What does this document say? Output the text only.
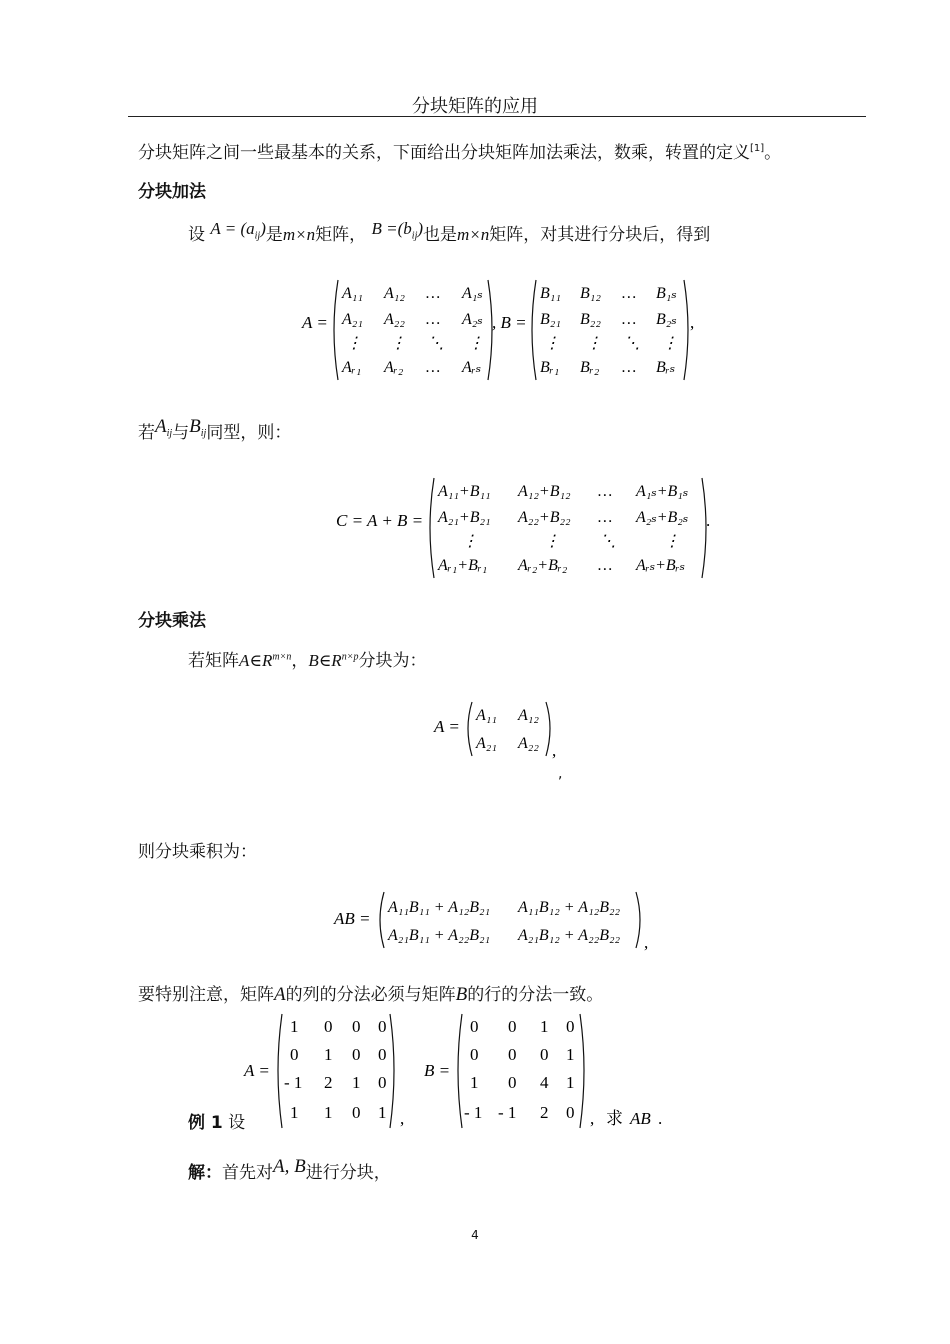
分块矩阵的应用
分块矩阵之间一些最基本的关系，下面给出分块矩阵加法乘法，数乘，转置的定义[1]。
分块加法
设 $A = (a_{ij})$是m×n矩阵， $B =(b_{ij})$也是m×n矩阵，对其进行分块后，得到
A =
A₁₁ A₁₂ … A₁ₛ
A₂₁ A₂₂ … A₂ₛ
⋮ ⋮ ⋱ ⋮
Aᵣ₁ Aᵣ₂ … Aᵣₛ
, B =
B₁₁ B₁₂ … B₁ₛ
B₂₁ B₂₂ … B₂ₛ
⋮ ⋮ ⋱ ⋮
Bᵣ₁ Bᵣ₂ … Bᵣₛ
,
若$A_{ij}$与$B_{ij}$同型，则：
C = A + B =
A₁₁+B₁₁ A₁₂+B₁₂ … A₁ₛ+B₁ₛ
A₂₁+B₂₁ A₂₂+B₂₂ … A₂ₛ+B₂ₛ
⋮	⋮	⋱	⋮
Aᵣ₁+Bᵣ₁ Aᵣ₂+Bᵣ₂ … Aᵣₛ+Bᵣₛ
.
分块乘法
若矩阵$A\in R^{m\times n}$，$B\in R^{n\times p}$分块为：
A =
A₁₁ A₁₂
A₂₁ A₂₂ ,
,
则分块乘积为：
AB =
A₁₁B₁₁ + A₁₂B₂₁ A₁₁B₁₂ + A₁₂B₂₂
A₂₁B₁₁ + A₂₂B₂₁ A₂₁B₁₂ + A₂₂B₂₂ ,
要特别注意，矩阵A的列的分法必须与矩阵B的行的分法一致。
例 1 设
A =
1 0 0 0
0 1 0 0
- 1 2 1 0
1 1 0 1 ,
B =
0 0 1 0
0 0 0 1
1 0 4 1
- 1 - 1 2 0 , 求 AB .
解：首先对A, B进行分块，
4
